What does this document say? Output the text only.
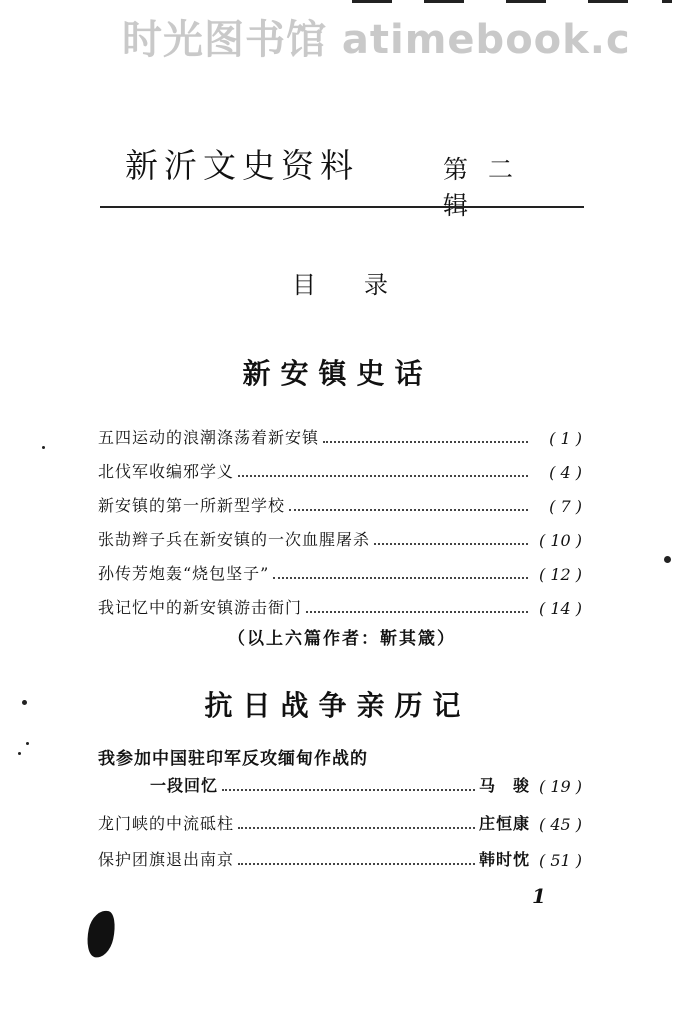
时光图书馆 atimebook.c
新沂文史资料	第二辑
目录
新安镇史话
五四运动的浪潮涤荡着新安镇	( 1 )
北伐军收编邪学义	( 4 )
新安镇的第一所新型学校	( 7 )
张劼辫子兵在新安镇的一次血腥屠杀	( 10 )
孙传芳炮轰“烧包坚子”	( 12 )
我记忆中的新安镇游击衙门	( 14 )
（以上六篇作者：靳其箴）
抗日战争亲历记
我参加中国驻印军反攻缅甸作战的
一段回忆	马　骏 ( 19 )
龙门峡的中流砥柱	庄恒康 ( 45 )
保护团旗退出南京	韩时忱 ( 51 )
1
